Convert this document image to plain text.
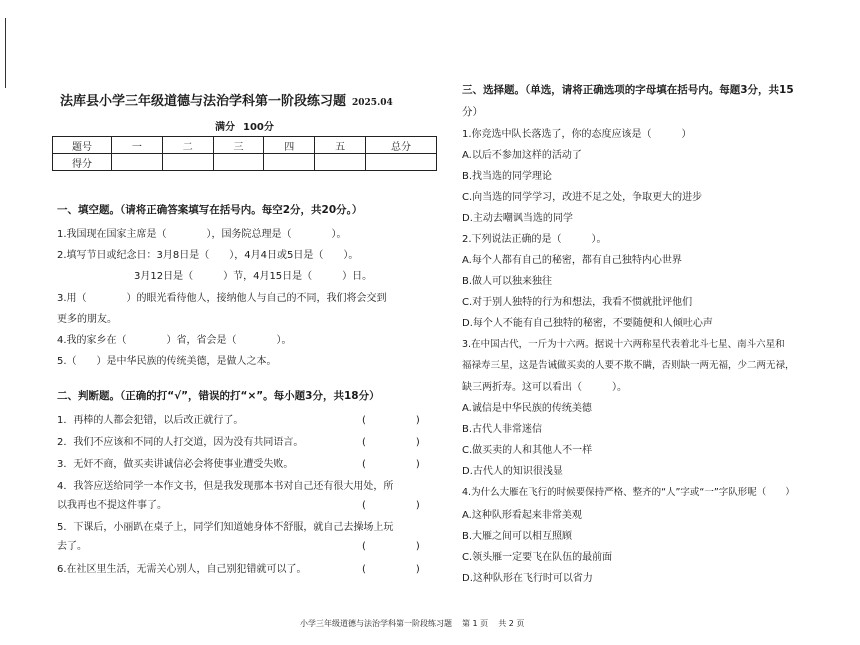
法库县小学三年级道德与法治学科第一阶段练习题 2025.04
满分 100分
题号	一	二	三	四	五	总分
得分						
一、填空题。（请将正确答案填写在括号内。每空2分，共20分。）
1.我国现在国家主席是（　　　　），国务院总理是（　　　　）。
2.填写节日或纪念日：3月8日是（　　），4月4日或5日是（　　）。
3月12日是（　　　）节，4月15日是（　　　）日。
3.用（　　　　）的眼光看待他人，接纳他人与自己的不同，我们将会交到
更多的朋友。
4.我的家乡在（　　　　）省，省会是（　　　　）。
5.（　　）是中华民族的传统美德，是做人之本。
二、判断题。（正确的打“√”，错误的打“×”。每小题3分，共18分）
1．再棒的人都会犯错，以后改正就行了。	(　　　　　)
2．我们不应该和不同的人打交道，因为没有共同语言。	(　　　　　)
3．无奸不商，做买卖讲诚信必会将使事业遭受失败。	(　　　　　)
4．我答应送给同学一本作文书，但是我发现那本书对自己还有很大用处，所
以我再也不提这件事了。	(　　　　　)
5．下课后，小丽趴在桌子上，同学们知道她身体不舒服，就自己去操场上玩
去了。	(　　　　　)
6.在社区里生活，无需关心别人，自己别犯错就可以了。	(　　　　　)
三、选择题。（单选，请将正确选项的字母填在括号内。每题3分，共15
分）
1.你竞选中队长落选了，你的态度应该是（　　　）
A.以后不参加这样的活动了
B.找当选的同学理论
C.向当选的同学学习，改进不足之处，争取更大的进步
D.主动去嘲讽当选的同学
2.下列说法正确的是（　　　）。
A.每个人都有自己的秘密，都有自己独特内心世界
B.做人可以独来独往
C.对于别人独特的行为和想法，我看不惯就批评他们
D.每个人不能有自己独特的秘密，不要随便和人倾吐心声
3.在中国古代，一斤为十六两。据说十六两称星代表着北斗七星、南斗六星和
福禄寿三星，这是告诫做买卖的人要不欺不瞒，否则缺一两无福，少二两无禄，
缺三两折寿。这可以看出（　　　）。
A.诚信是中华民族的传统美德
B.古代人非常迷信
C.做买卖的人和其他人不一样
D.古代人的知识很浅显
4.为什么大雁在飞行的时候要保持严格、整齐的“人”字或“一”字队形呢（　　）
A.这种队形看起来非常美观
B.大雁之间可以相互照顾
C.领头雁一定要飞在队伍的最前面
D.这种队形在飞行时可以省力
小学三年级道德与法治学科第一阶段练习题 第 1 页 共 2 页
